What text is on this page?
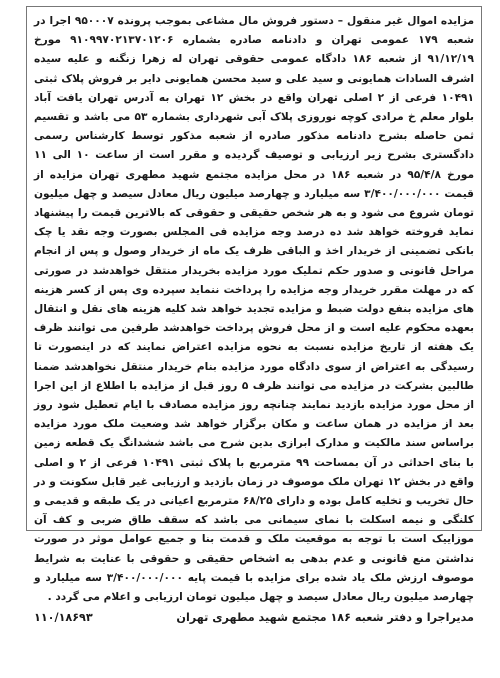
مزایده اموال غیر منقول – دستور فروش مال مشاعی بموجب پرونده ۹۵۰۰۰۷ اجرا در شعبه ۱۷۹ عمومی تهران و دادنامه صادره بشماره ۹۱۰۹۹۷۰۲۱۳۷۰۱۲۰۶ مورخ ۹۱/۱۲/۱۹ از شعبه ۱۸۶ دادگاه عمومی حقوقی تهران له زهرا زنگنه و علیه سیده اشرف السادات همایونی و سید علی و سید محسن همایونی دایر بر فروش پلاک ثبتی ۱۰۴۹۱ فرعی از ۲ اصلی تهران واقع در بخش ۱۲ تهران به آدرس تهران یافت آباد بلوار معلم خ مرادی کوچه نوروزی پلاک آبی شهرداری بشماره ۵۳ می باشد و تقسیم ثمن حاصله بشرح دادنامه مذکور صادره از شعبه مذکور توسط کارشناس رسمی دادگستری بشرح زیر ارزیابی و توصیف گردیده و مقرر است از ساعت ۱۰ الی ۱۱ مورخ ۹۵/۴/۸ در شعبه ۱۸۶ در محل مزایده مجتمع شهید مطهری تهران مزایده از قیمت ۳/۴۰۰/۰۰۰/۰۰۰ سه میلیارد و چهارصد میلیون ریال معادل سیصد و چهل میلیون تومان شروع می شود و به هر شخص حقیقی و حقوقی که بالاترین قیمت را پیشنهاد نماید فروخته خواهد شد ده درصد وجه مزایده فی المجلس بصورت وجه نقد یا چک بانکی تضمینی از خریدار اخذ و الباقی ظرف یک ماه از خریدار وصول و پس از انجام مراحل قانونی و صدور حکم تملیک مورد مزایده بخریدار منتقل خواهدشد در صورتی که در مهلت مقرر خریدار وجه مزایده را پرداخت ننماید سپرده وی پس از کسر هزینه های مزایده بنفع دولت ضبط و مزایده تجدید خواهد شد کلیه هزینه های نقل و انتقال بعهده محکوم علیه است و از محل فروش پرداخت خواهدشد طرفین می توانند ظرف یک هفته از تاریخ مزایده نسبت به نحوه مزایده اعتراض نمایند که در اینصورت تا رسیدگی به اعتراض از سوی دادگاه مورد مزایده بنام خریدار منتقل نخواهدشد ضمنا طالبین بشرکت در مزایده می توانند ظرف ۵ روز قبل از مزایده با اطلاع از این اجرا از محل مورد مزایده بازدید نمایند چنانچه روز مزایده مصادف با ایام تعطیل شود روز بعد از مزایده در همان ساعت و مکان برگزار خواهد شد وضعیت ملک مورد مزایده براساس سند مالکیت و مدارک ابرازی بدین شرح می باشد ششدانگ یک قطعه زمین با بنای احداثی در آن بمساحت ۹۹ مترمربع با پلاک ثبتی ۱۰۴۹۱ فرعی از ۲ و اصلی واقع در بخش ۱۲ تهران ملک موصوف در زمان بازدید و ارزیابی غیر قابل سکونت و در حال تخریب و تخلیه کامل بوده و دارای ۶۸/۲۵ مترمربع اعیانی در یک طبقه و قدیمی و کلنگی و نیمه اسکلت با نمای سیمانی می باشد که سقف طاق ضربی و کف آن موزاییک است با توجه به موقعیت ملک و قدمت بنا و جمیع عوامل موثر در صورت نداشتن منع قانونی و عدم بدهی به اشخاص حقیقی و حقوقی با عنایت به شرایط موصوف ارزش ملک یاد شده برای مزایده با قیمت پایه ۳/۴۰۰/۰۰۰/۰۰۰ سه میلیارد و چهارصد میلیون ریال معادل سیصد و چهل میلیون تومان ارزیابی و اعلام می گردد .

مدیراجرا و دفتر شعبه ۱۸۶ مجتمع شهید مطهری تهران
۱۱۰/۱۸۶۹۳
